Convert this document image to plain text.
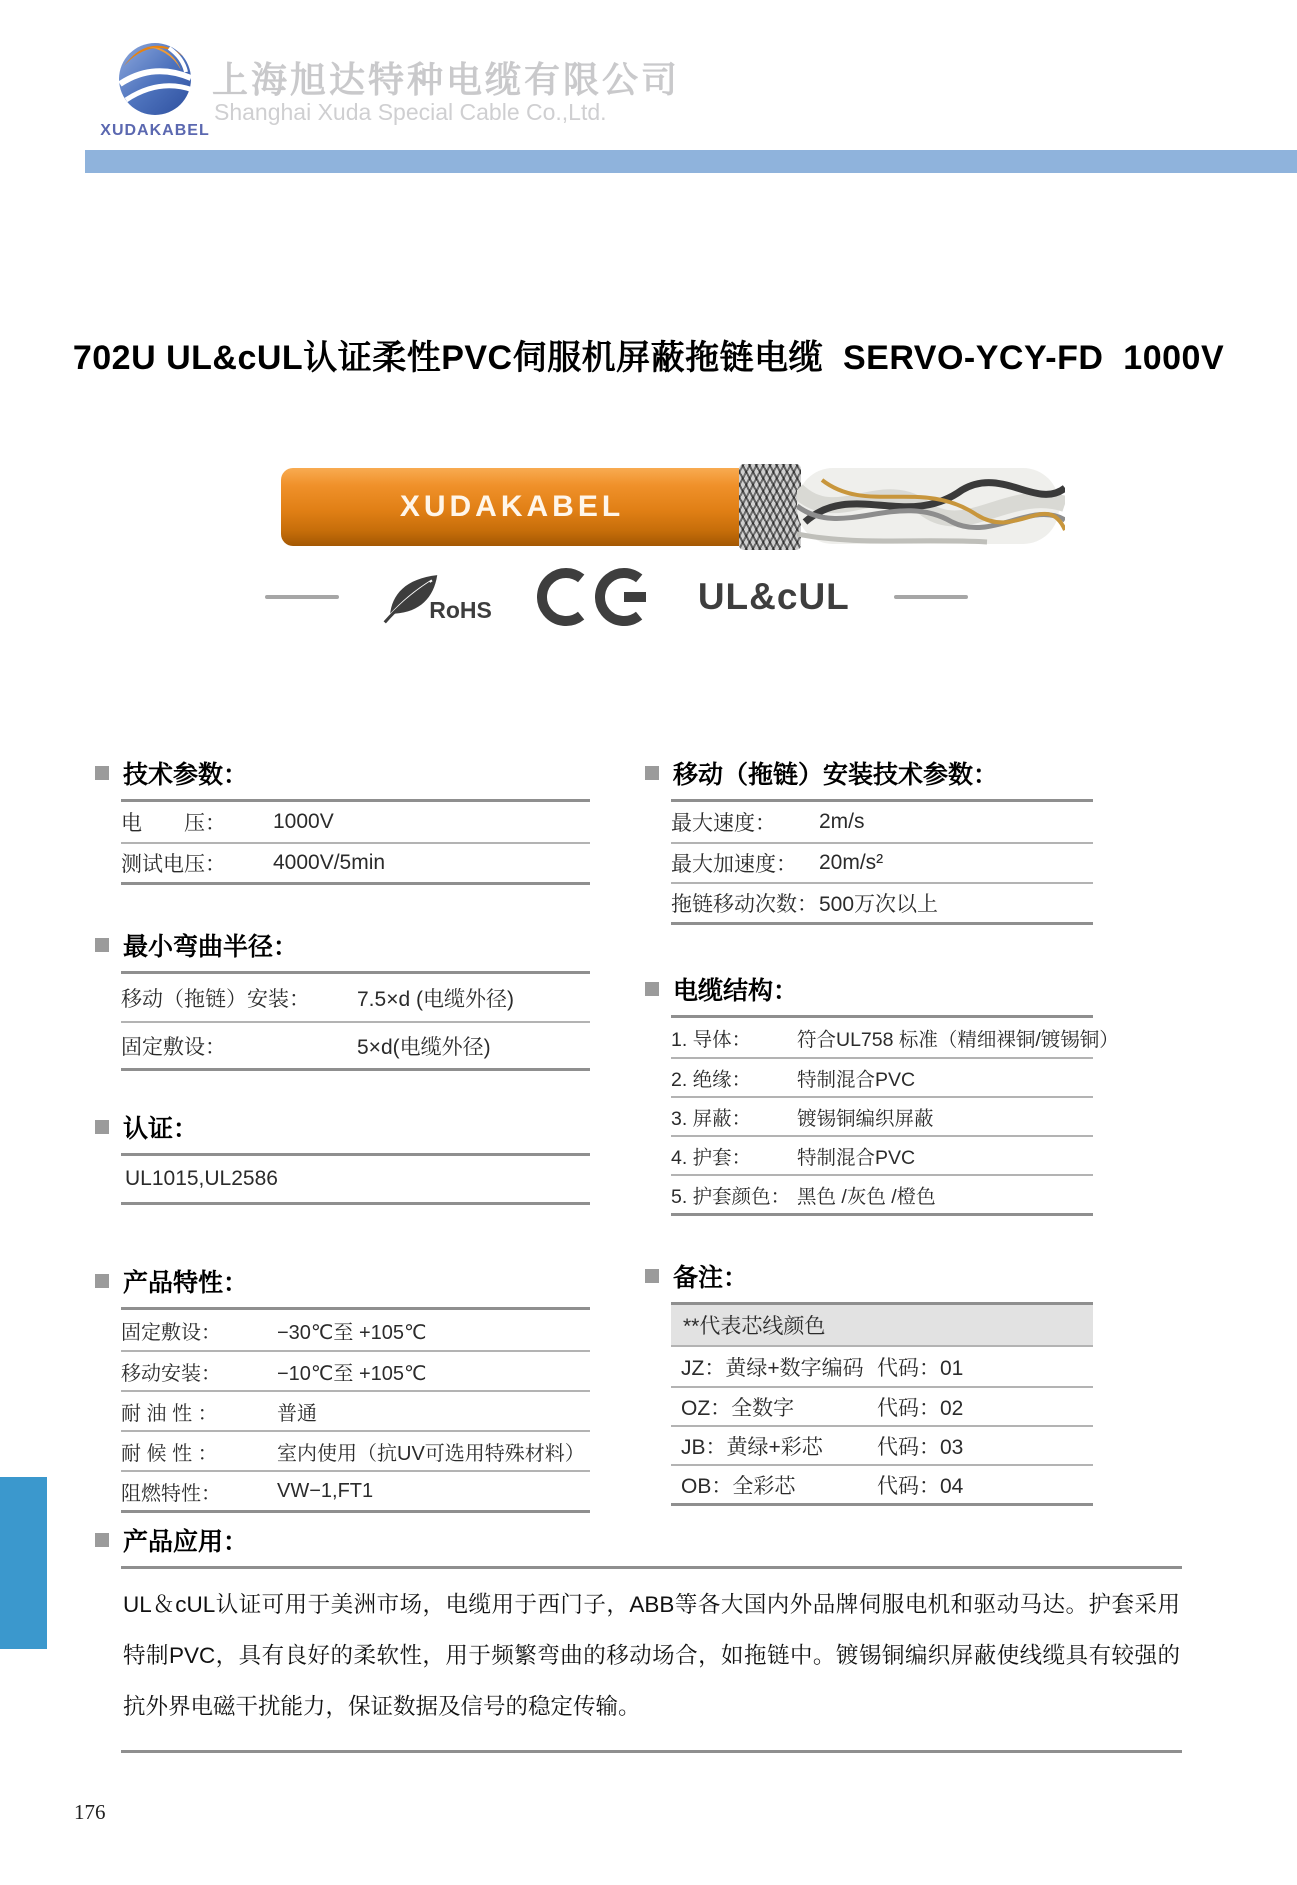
XUDAKABEL
上海旭达特种电缆有限公司
Shanghai Xuda Special Cable Co.,Ltd.
702U UL&cUL认证柔性PVC伺服机屏蔽拖链电缆  SERVO-YCY-FD  1000V
XUDAKABEL
RoHS	UL&cUL
技术参数：
电　　压：	1000V
测试电压：	4000V/5min
最小弯曲半径：
移动（拖链）安装：	7.5×d (电缆外径)
固定敷设：	5×d(电缆外径)
认证：
UL1015,UL2586
产品特性：
固定敷设：	−30℃至 +105℃
移动安装：	−10℃至 +105℃
耐 油 性 ：	普通
耐 候 性 ：	室内使用（抗UV可选用特殊材料）
阻燃特性：	VW−1,FT1
移动（拖链）安装技术参数：
最大速度：	2m/s
最大加速度：	20m/s²
拖链移动次数： 500万次以上
电缆结构：
1. 导体：	符合UL758 标准（精细裸铜/镀锡铜）
2. 绝缘：	特制混合PVC
3. 屏蔽：	镀锡铜编织屏蔽
4. 护套：	特制混合PVC
5. 护套颜色： 黑色 /灰色 /橙色
备注：
**代表芯线颜色
JZ：黄绿+数字编码 代码：01
OZ：全数字	代码：02
JB：黄绿+彩芯	代码：03
OB：全彩芯	代码：04
产品应用：

UL＆cUL认证可用于美洲市场，电缆用于西门子，ABB等各大国内外品牌伺服电机和驱动马达。护套采用特制PVC，具有良好的柔软性，用于频繁弯曲的移动场合，如拖链中。镀锡铜编织屏蔽使线缆具有较强的抗外界电磁干扰能力，保证数据及信号的稳定传输。

176
